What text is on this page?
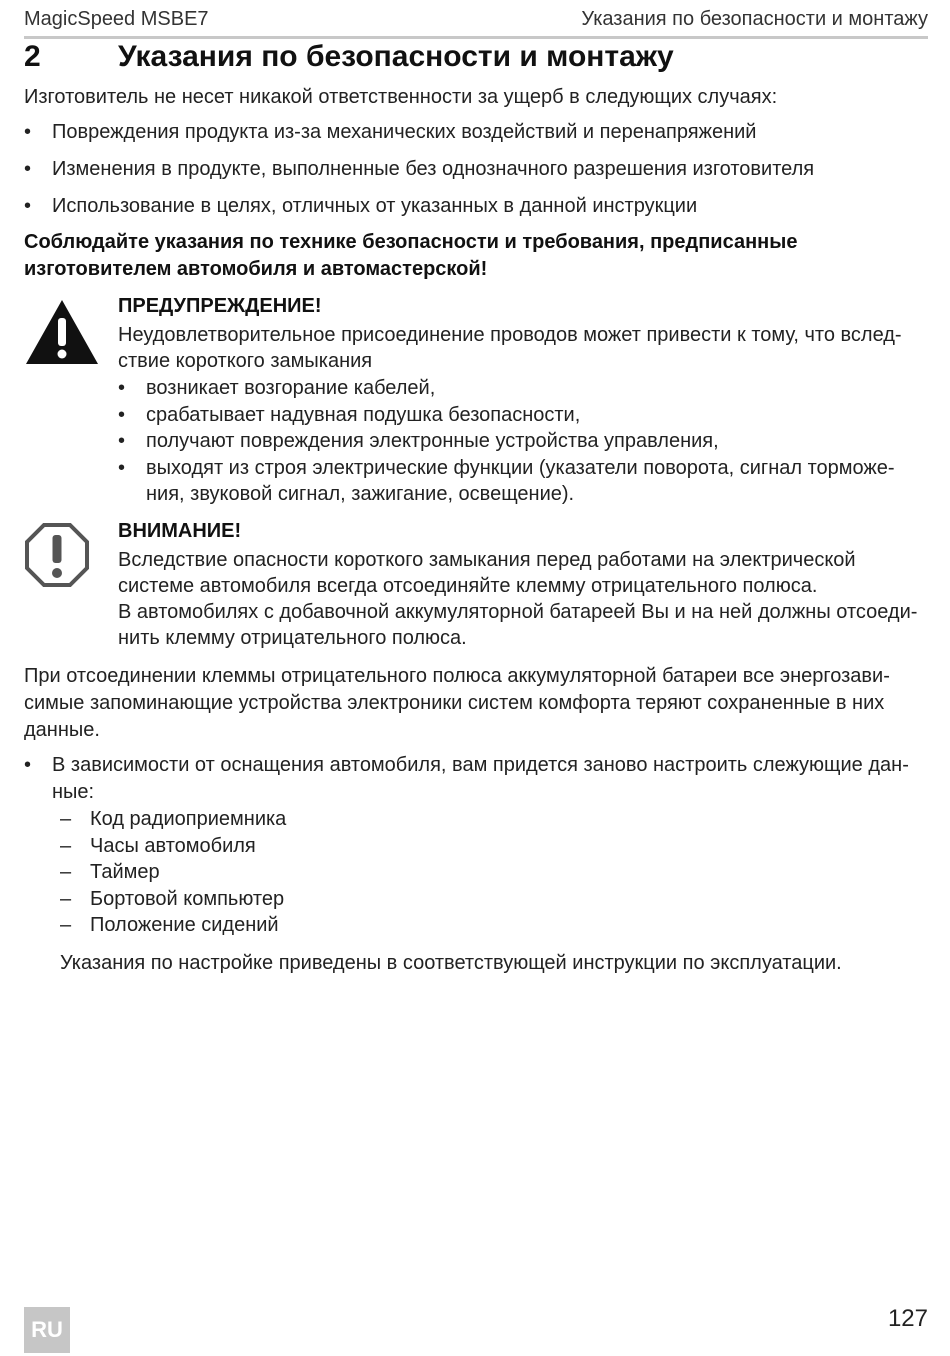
MagicSpeed MSBE7	Указания по безопасности и монтажу
2	Указания по безопасности и монтажу
Изготовитель не несет никакой ответственности за ущерб в следующих случаях:
• Повреждения продукта из-за механических воздействий и перенапряжений
• Изменения в продукте, выполненные без однозначного разрешения изготовителя
• Использование в целях, отличных от указанных в данной инструкции
Соблюдайте указания по технике безопасности и требования, предписанные
изготовителем автомобиля и автомастерской!
ПРЕДУПРЕЖДЕНИЕ!
Неудовлетворительное присоединение проводов может привести к тому, что вслед-
ствие короткого замыкания
• возникает возгорание кабелей,
• срабатывает надувная подушка безопасности,
• получают повреждения электронные устройства управления,
• выходят из строя электрические функции (указатели поворота, сигнал торможе-
ния, звуковой сигнал, зажигание, освещение).
ВНИМАНИЕ!
Вследствие опасности короткого замыкания перед работами на электрической
системе автомобиля всегда отсоединяйте клемму отрицательного полюса.
В автомобилях с добавочной аккумуляторной батареей Вы и на ней должны отсоеди-
нить клемму отрицательного полюса.
При отсоединении клеммы отрицательного полюса аккумуляторной батареи все энергозави-
симые запоминающие устройства электроники систем комфорта теряют сохраненные в них
данные.
• В зависимости от оснащения автомобиля, вам придется заново настроить слежующие дан-
ные:
– Код радиоприемника
– Часы автомобиля
– Таймер
– Бортовой компьютер
– Положение сидений
Указания по настройке приведены в соответствующей инструкции по эксплуатации.
RU	127
